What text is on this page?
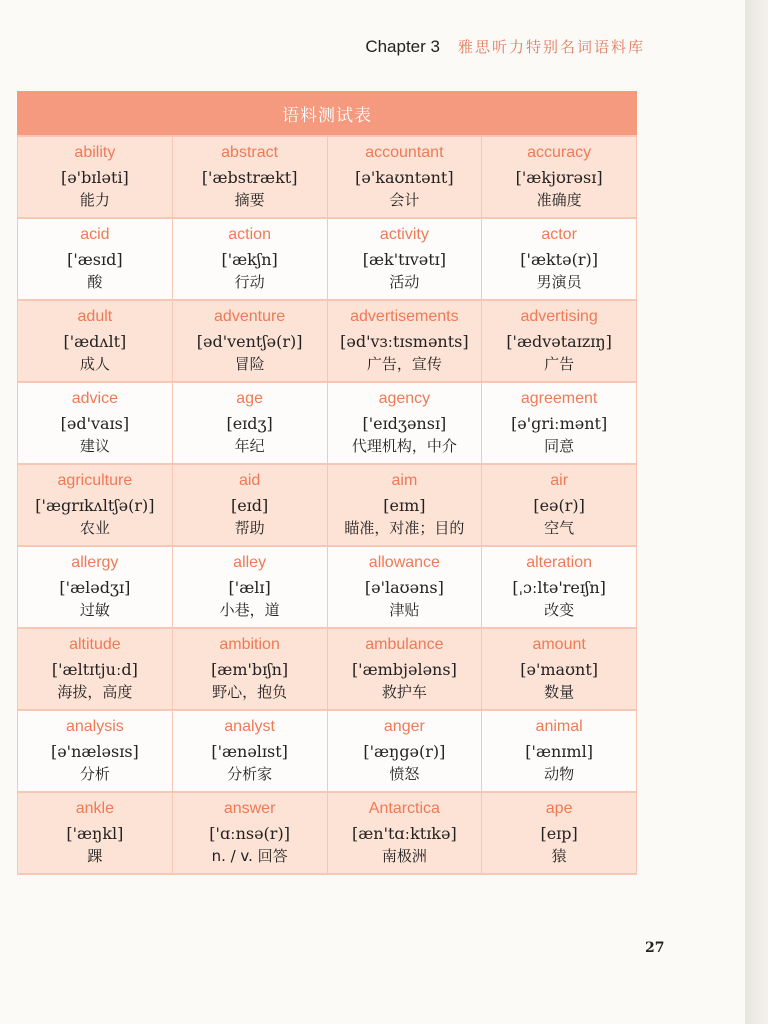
Chapter 3 雅思听力特别名词语料库
语料测试表
ability
[ə'bɪləti]
能力
abstract
['æbstrækt]
摘要
accountant
[ə'kaʊntənt]
会计
accuracy
['ækjʊrəsɪ]
准确度
acid
['æsɪd]
酸
action
['ækʃn]
行动
activity
[æk'tɪvətɪ]
活动
actor
['æktə(r)]
男演员
adult
['ædʌlt]
成人
adventure
[əd'ventʃə(r)]
冒险
advertisements
[əd'vɜːtɪsmənts]
广告，宣传
advertising
['ædvətaɪzɪŋ]
广告
advice
[əd'vaɪs]
建议
age
[eɪdʒ]
年纪
agency
['eɪdʒənsɪ]
代理机构，中介
agreement
[ə'griːmənt]
同意
agriculture
['ægrɪkʌltʃə(r)]
农业
aid
[eɪd]
帮助
aim
[eɪm]
瞄准，对准；目的
air
[eə(r)]
空气
allergy
['ælədʒɪ]
过敏
alley
['ælɪ]
小巷，道
allowance
[ə'laʊəns]
津贴
alteration
[ˌɔːltə'reɪʃn]
改变
altitude
['æltɪtjuːd]
海拔，高度
ambition
[æm'bɪʃn]
野心，抱负
ambulance
['æmbjələns]
救护车
amount
[ə'maʊnt]
数量
analysis
[ə'næləsɪs]
分析
analyst
['ænəlɪst]
分析家
anger
['æŋgə(r)]
愤怒
animal
['ænɪml]
动物
ankle
['æŋkl]
踝
answer
['ɑːnsə(r)]
n. / v. 回答
Antarctica
[æn'tɑːktɪkə]
南极洲
ape
[eɪp]
猿
27
